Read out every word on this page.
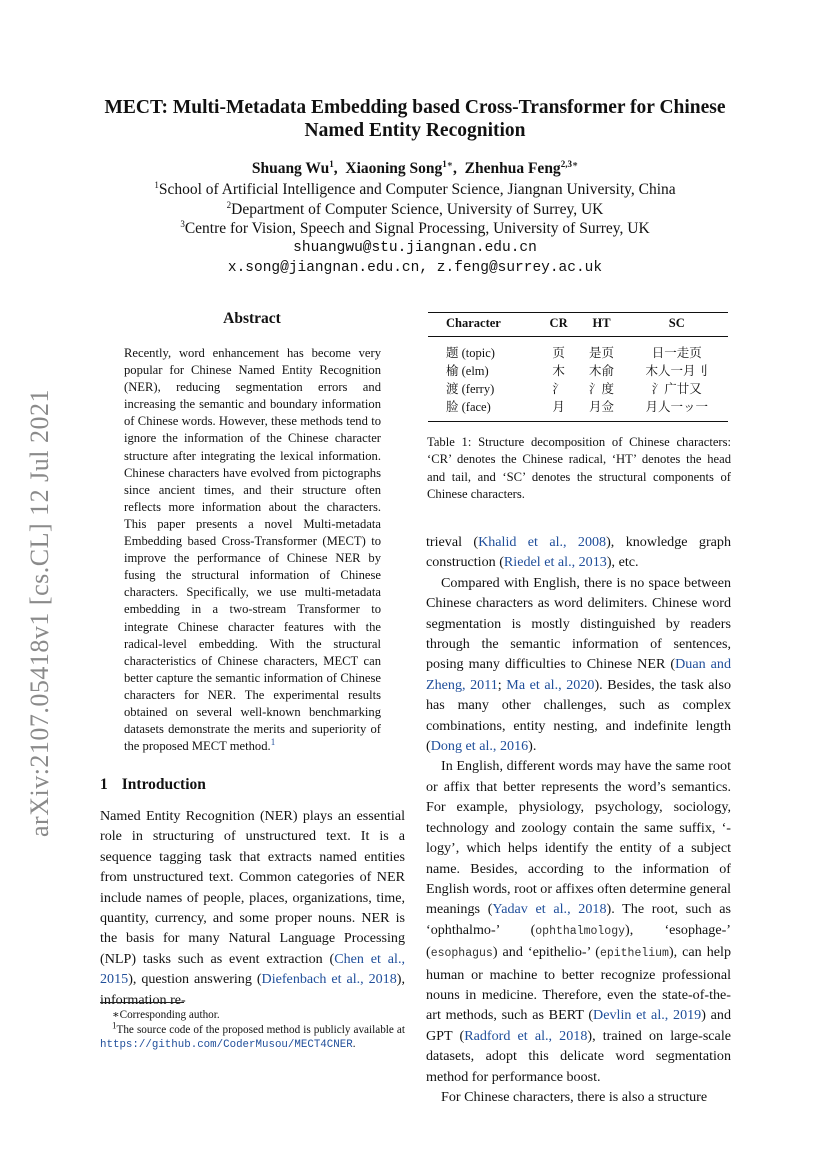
arXiv:2107.05418v1 [cs.CL] 12 Jul 2021
MECT: Multi-Metadata Embedding based Cross-Transformer for Chinese Named Entity Recognition
Shuang Wu$^1$,  Xiaoning Song$^{1∗}$,  Zhenhua Feng$^{2,3∗}$
$^1$School of Artificial Intelligence and Computer Science, Jiangnan University, China
$^2$Department of Computer Science, University of Surrey, UK
$^3$Centre for Vision, Speech and Signal Processing, University of Surrey, UK
shuangwu@stu.jiangnan.edu.cn
x.song@jiangnan.edu.cn, z.feng@surrey.ac.uk
Abstract
Recently, word enhancement has become very popular for Chinese Named Entity Recognition (NER), reducing segmentation errors and increasing the semantic and boundary information of Chinese words. However, these methods tend to ignore the information of the Chinese character structure after integrating the lexical information. Chinese characters have evolved from pictographs since ancient times, and their structure often reflects more information about the characters. This paper presents a novel Multi-metadata Embedding based Cross-Transformer (MECT) to improve the performance of Chinese NER by fusing the structural information of Chinese characters. Specifically, we use multi-metadata embedding in a two-stream Transformer to integrate Chinese character features with the radical-level embedding. With the structural characteristics of Chinese characters, MECT can better capture the semantic information of Chinese characters for NER. The experimental results obtained on several well-known benchmarking datasets demonstrate the merits and superiority of the proposed MECT method.$^1$
Character	CR	HT	SC
题 (topic)	页	是页	日一走页
榆 (elm)	木	木俞	木人一月刂
渡 (ferry)	氵	氵度	氵广廿又
脸 (face)	月	月佥	月人一ッ一
Table 1: Structure decomposition of Chinese characters: ‘CR’ denotes the Chinese radical, ‘HT’ denotes the head and tail, and ‘SC’ denotes the structural components of Chinese characters.
1 Introduction
Named Entity Recognition (NER) plays an essential role in structuring of unstructured text. It is a sequence tagging task that extracts named entities from unstructured text. Common categories of NER include names of people, places, organizations, time, quantity, currency, and some proper nouns. NER is the basis for many Natural Language Processing (NLP) tasks such as event extraction (Chen et al., 2015), question answering (Diefenbach et al., 2018), information re-
∗Corresponding author.
$^1$The source code of the proposed method is publicly available at https://github.com/CoderMusou/MECT4CNER.

trieval (Khalid et al., 2008), knowledge graph construction (Riedel et al., 2013), etc.

Compared with English, there is no space between Chinese characters as word delimiters. Chinese word segmentation is mostly distinguished by readers through the semantic information of sentences, posing many difficulties to Chinese NER (Duan and Zheng, 2011; Ma et al., 2020). Besides, the task also has many other challenges, such as complex combinations, entity nesting, and indefinite length (Dong et al., 2016).

In English, different words may have the same root or affix that better represents the word’s semantics. For example, physiology, psychology, sociology, technology and zoology contain the same suffix, ‘-logy’, which helps identify the entity of a subject name. Besides, according to the information of English words, root or affixes often determine general meanings (Yadav et al., 2018). The root, such as ‘ophthalmo-’ (ophthalmology), ‘esophage-’ (esophagus) and ‘epithelio-’ (epithelium), can help human or machine to better recognize professional nouns in medicine. Therefore, even the state-of-the-art methods, such as BERT (Devlin et al., 2019) and GPT (Radford et al., 2018), trained on large-scale datasets, adopt this delicate word segmentation method for performance boost.

For Chinese characters, there is also a structure
